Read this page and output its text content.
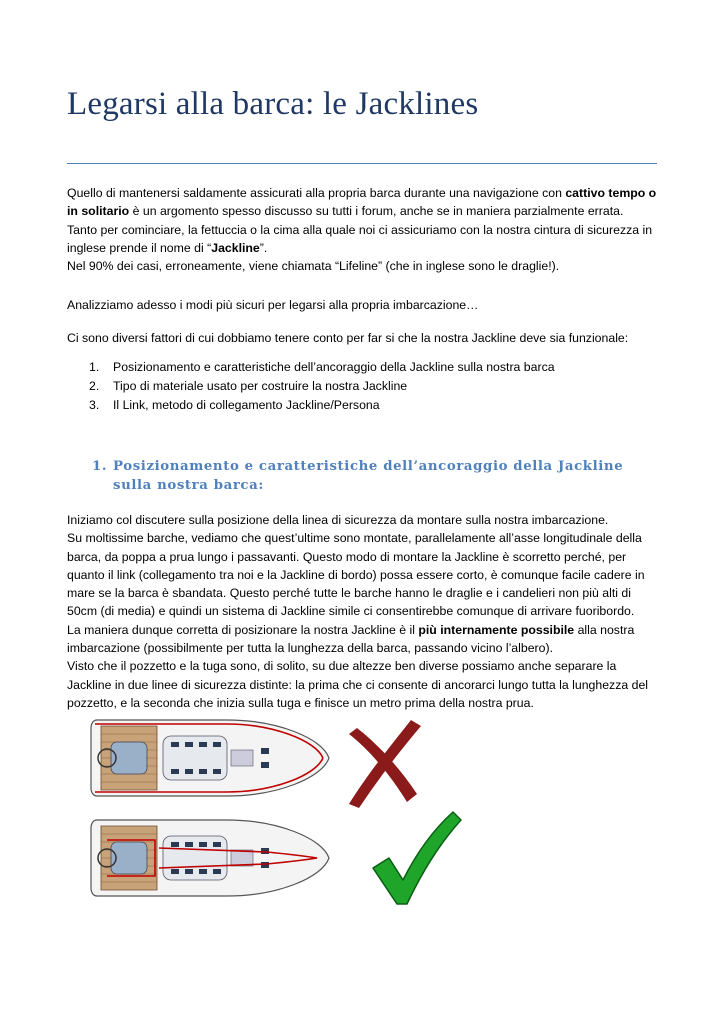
Legarsi alla barca: le Jacklines

Quello di mantenersi saldamente assicurati alla propria barca durante una navigazione con cattivo tempo o in solitario è un argomento spesso discusso su tutti i forum, anche se in maniera parzialmente errata.

Tanto per cominciare, la fettuccia o la cima alla quale noi ci assicuriamo con la nostra cintura di sicurezza in inglese prende il nome di “Jackline”.

Nel 90% dei casi, erroneamente, viene chiamata “Lifeline” (che in inglese sono le draglie!).

Analizziamo adesso i modi più sicuri per legarsi alla propria imbarcazione…
Ci sono diversi fattori di cui dobbiamo tenere conto per far si che la nostra Jackline deve sia funzionale:
1. Posizionamento e caratteristiche dell’ancoraggio della Jackline sulla nostra barca
2. Tipo di materiale usato per costruire la nostra Jackline
3. Il Link, metodo di collegamento Jackline/Persona
1. Posizionamento e caratteristiche dell’ancoraggio della Jackline sulla nostra barca:

Iniziamo col discutere sulla posizione della linea di sicurezza da montare sulla nostra imbarcazione.

Su moltissime barche, vediamo che quest’ultime sono montate, parallelamente all’asse longitudinale della barca, da poppa a prua lungo i passavanti. Questo modo di montare la Jackline è scorretto perché, per quanto il link (collegamento tra noi e la Jackline di bordo) possa essere corto, è comunque facile cadere in mare se la barca è sbandata. Questo perché tutte le barche hanno le draglie e i candelieri non più alti di 50cm (di media) e quindi un sistema di Jackline simile ci consentirebbe comunque di arrivare fuoribordo.

La maniera dunque corretta di posizionare la nostra Jackline è il più internamente possibile alla nostra imbarcazione (possibilmente per tutta la lunghezza della barca, passando vicino l’albero).

Visto che il pozzetto e la tuga sono, di solito, su due altezze ben diverse possiamo anche separare la Jackline in due linee di sicurezza distinte: la prima che ci consente di ancorarci lungo tutta la lunghezza del pozzetto, e la seconda che inizia sulla tuga e finisce un metro prima della nostra prua.
